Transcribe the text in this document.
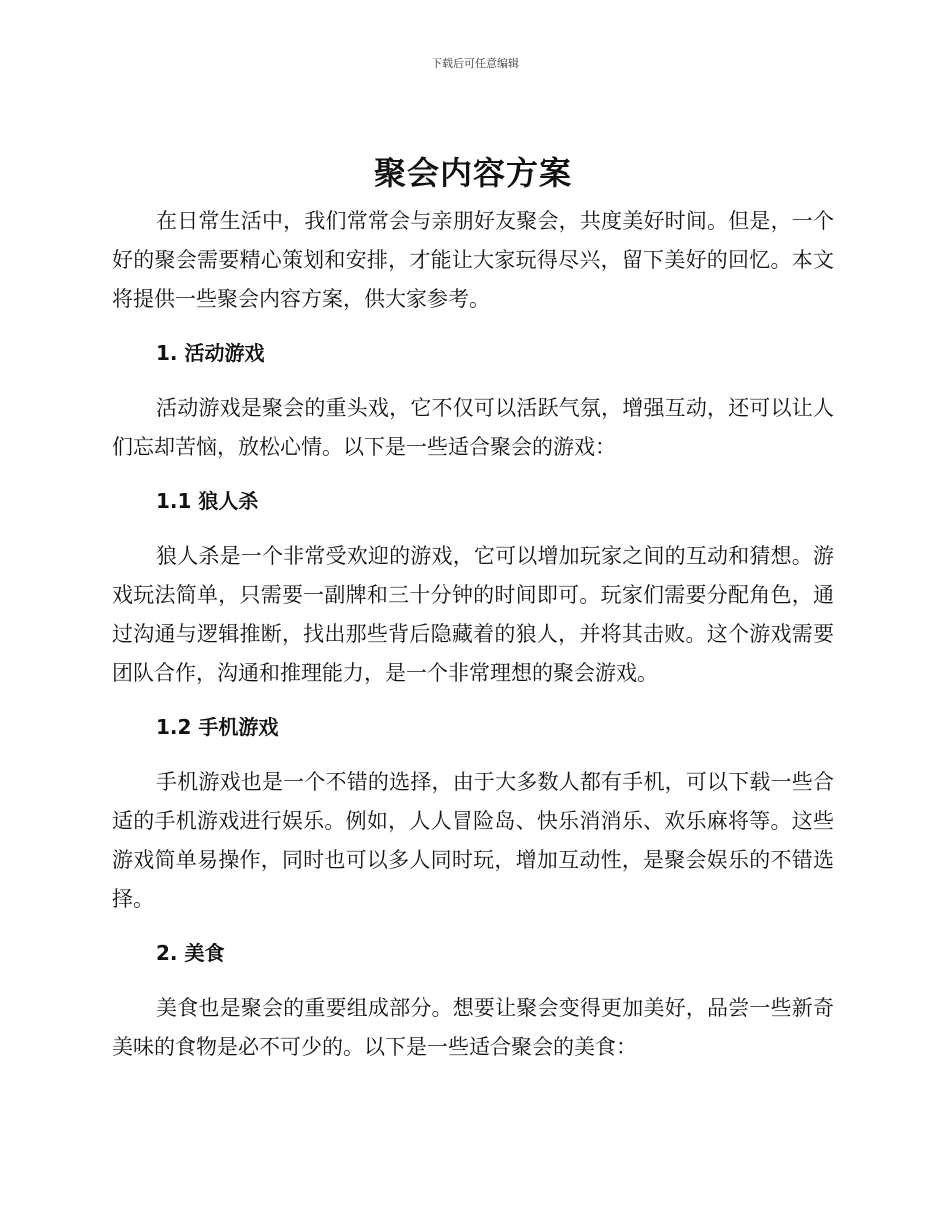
下载后可任意编辑
聚会内容方案

在日常生活中，我们常常会与亲朋好友聚会，共度美好时间。但是，一个好的聚会需要精心策划和安排，才能让大家玩得尽兴，留下美好的回忆。本文将提供一些聚会内容方案，供大家参考。

1. 活动游戏

活动游戏是聚会的重头戏，它不仅可以活跃气氛，增强互动，还可以让人们忘却苦恼，放松心情。以下是一些适合聚会的游戏：

1.1 狼人杀

狼人杀是一个非常受欢迎的游戏，它可以增加玩家之间的互动和猜想。游戏玩法简单，只需要一副牌和三十分钟的时间即可。玩家们需要分配角色，通过沟通与逻辑推断，找出那些背后隐藏着的狼人，并将其击败。这个游戏需要团队合作，沟通和推理能力，是一个非常理想的聚会游戏。

1.2 手机游戏

手机游戏也是一个不错的选择，由于大多数人都有手机，可以下载一些合适的手机游戏进行娱乐。例如，人人冒险岛、快乐消消乐、欢乐麻将等。这些游戏简单易操作，同时也可以多人同时玩，增加互动性，是聚会娱乐的不错选择。

2. 美食

美食也是聚会的重要组成部分。想要让聚会变得更加美好，品尝一些新奇美味的食物是必不可少的。以下是一些适合聚会的美食：
